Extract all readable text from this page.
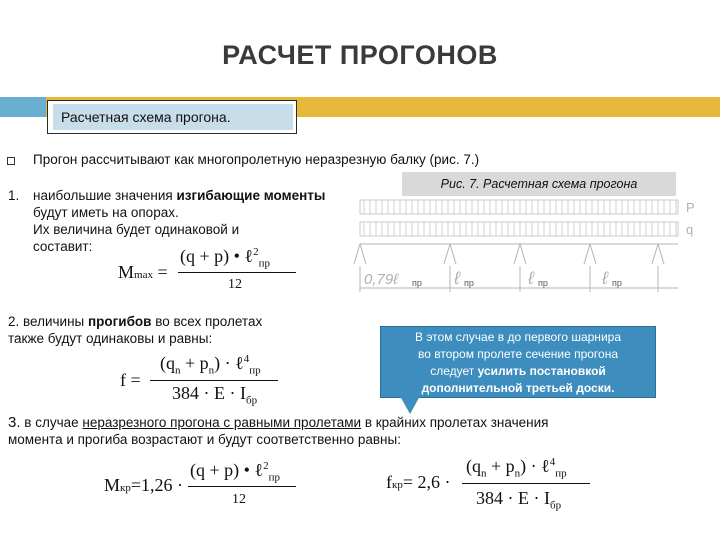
РАСЧЕТ ПРОГОНОВ
Расчетная схема прогона.
Прогон рассчитывают как многопролетную неразрезную балку (рис. 7.)
1. наибольшие значения изгибающие моменты будут иметь на опорах.
Их величина будет одинаковой и
составит:
Mmax =
(q + p) • ℓ$^2_{пр}$
12
2. величины прогибов во всех пролетах
также будут одинаковы и равны:
f =
$(q_n + p_n)$ · ℓ$^4_{пр}$
$384 \cdot E \cdot I_{бр}$
Рис. 7. Расчетная схема прогона
P
q
0,79ℓ пр ℓ пр	ℓ пр	ℓ пр
В этом случае в до первого шарнира
во втором пролете сечение прогона
следует усилить постановкой
дополнительной третьей доски.
3. в случае неразрезного прогона с равными пролетами в крайних пролетах значения
момента и прогиба возрастают и будут соответственно равны:
Mкр=1,26 ·
(q + p) • ℓ$^2_{пр}$
12
fкр= 2,6 ·
$(q_n + p_n)$ · ℓ$^4_{пр}$
$384 \cdot E \cdot I_{бр}$
